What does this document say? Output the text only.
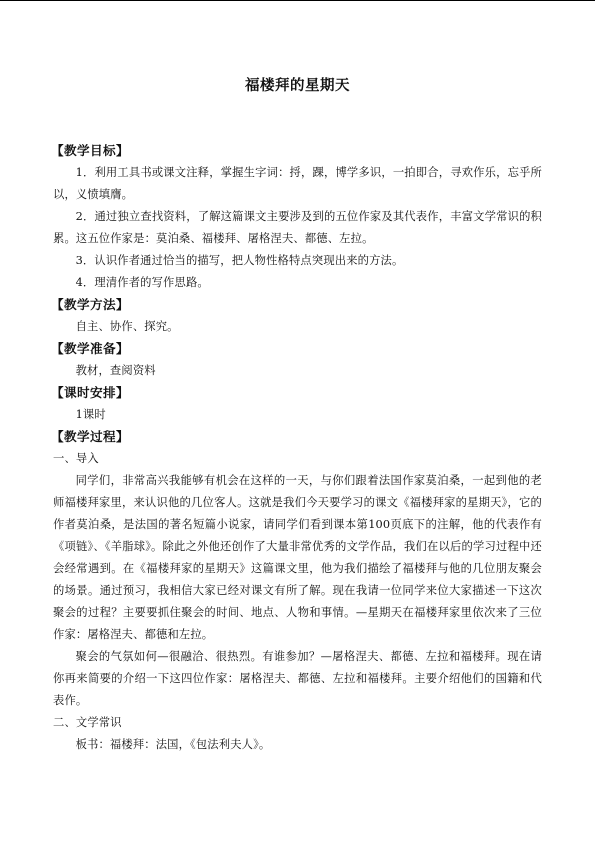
福楼拜的星期天
【教学目标】
1．利用工具书或课文注释，掌握生字词：捋，踝，博学多识，一拍即合，寻欢作乐，忘乎所以，义愤填膺。
2．通过独立查找资料，了解这篇课文主要涉及到的五位作家及其代表作，丰富文学常识的积累。这五位作家是：莫泊桑、福楼拜、屠格涅夫、都德、左拉。
3．认识作者通过恰当的描写，把人物性格特点突现出来的方法。
4．理清作者的写作思路。
【教学方法】
自主、协作、探究。
【教学准备】
教材，查阅资料
【课时安排】
1课时
【教学过程】
一、导入
同学们，非常高兴我能够有机会在这样的一天，与你们跟着法国作家莫泊桑，一起到他的老师福楼拜家里，来认识他的几位客人。这就是我们今天要学习的课文《福楼拜家的星期天》，它的作者莫泊桑，是法国的著名短篇小说家，请同学们看到课本第100页底下的注解，他的代表作有《项链》、《羊脂球》。除此之外他还创作了大量非常优秀的文学作品，我们在以后的学习过程中还会经常遇到。在《福楼拜家的星期天》这篇课文里，他为我们描绘了福楼拜与他的几位朋友聚会的场景。通过预习，我相信大家已经对课文有所了解。现在我请一位同学来位大家描述一下这次聚会的过程？主要要抓住聚会的时间、地点、人物和事情。—星期天在福楼拜家里依次来了三位作家：屠格涅夫、都德和左拉。
聚会的气氛如何—很融洽、很热烈。有谁参加？—屠格涅夫、都德、左拉和福楼拜。现在请你再来简要的介绍一下这四位作家：屠格涅夫、都德、左拉和福楼拜。主要介绍他们的国籍和代表作。
二、文学常识
板书：福楼拜：法国，《包法利夫人》。
